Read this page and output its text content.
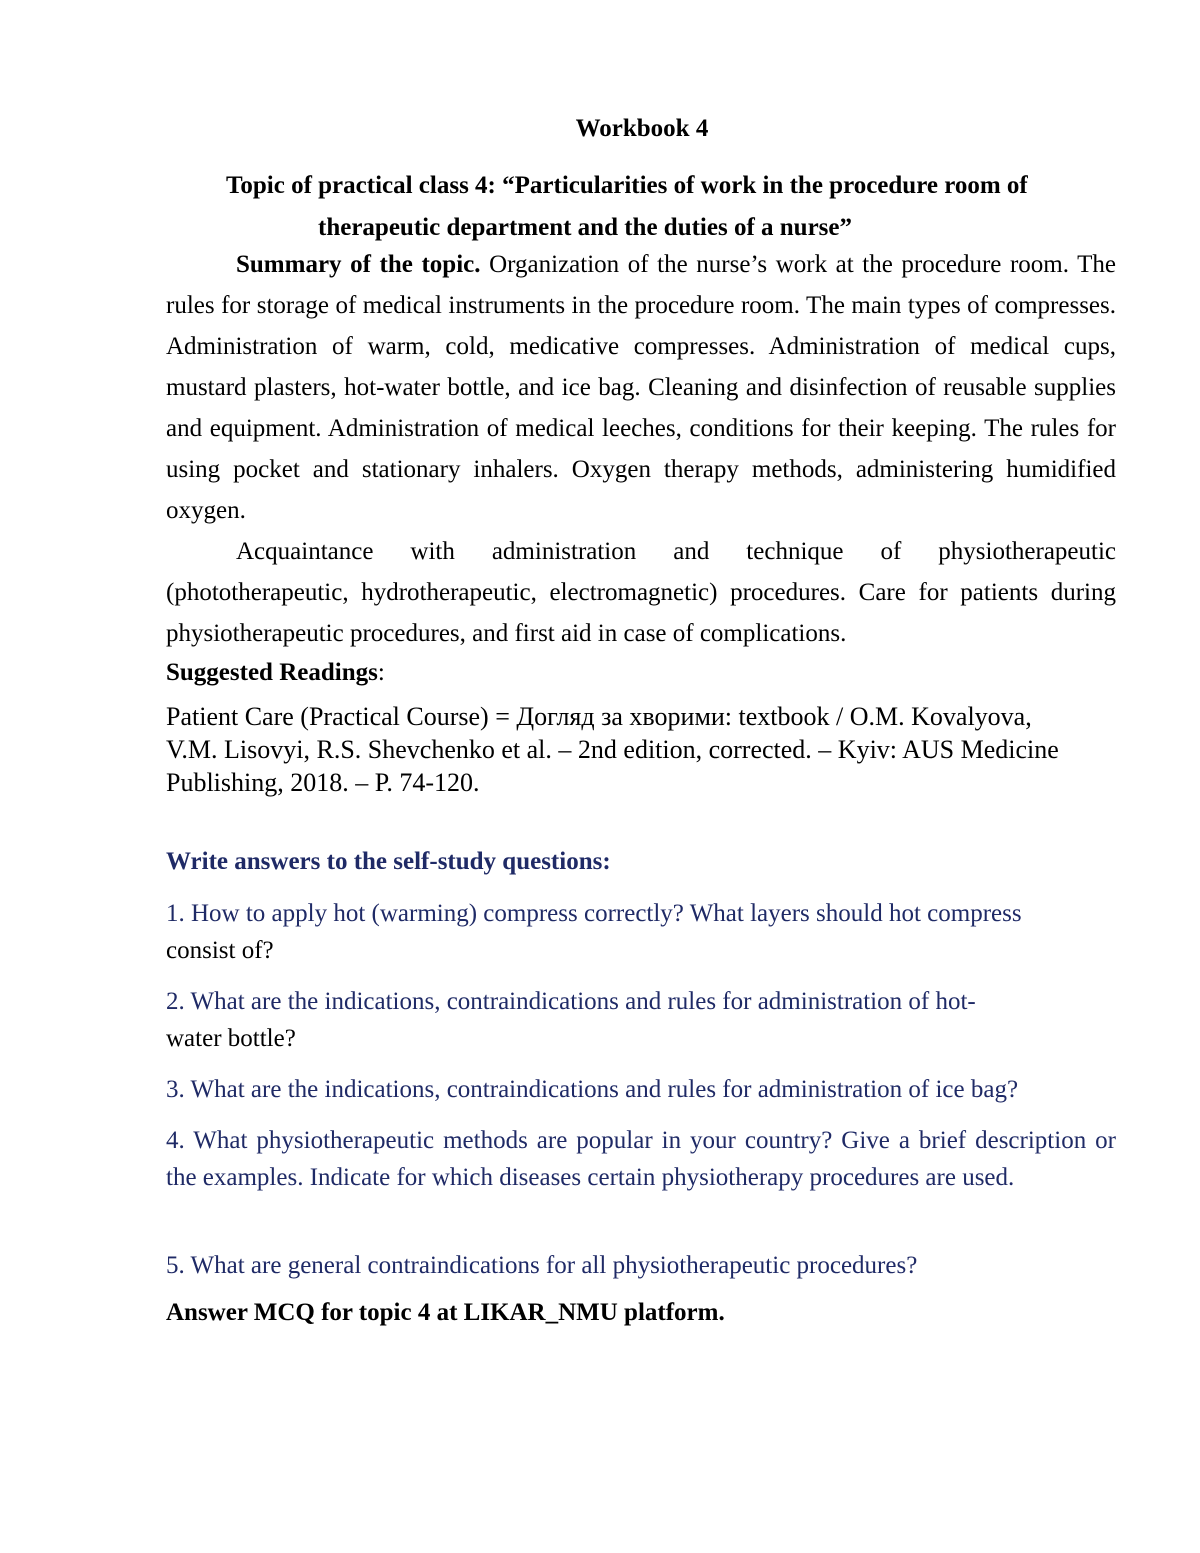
Workbook 4
Topic of practical class 4: “Particularities of work in the procedure room of
therapeutic department and the duties of a nurse”

Summary of the topic. Organization of the nurse’s work at the procedure room. The rules for storage of medical instruments in the procedure room. The main types of compresses. Administration of warm, cold, medicative compresses. Administration of medical cups, mustard plasters, hot-water bottle, and ice bag. Cleaning and disinfection of reusable supplies and equipment. Administration of medical leeches, conditions for their keeping. The rules for using pocket and stationary inhalers. Oxygen therapy methods, administering humidified oxygen.

Acquaintance with administration and technique of physiotherapeutic (phototherapeutic, hydrotherapeutic, electromagnetic) procedures. Care for patients during physiotherapeutic procedures, and first aid in case of complications.

Suggested Readings:

Patient Care (Practical Course) = Догляд за хворими: textbook / O.M. Kovalyova,
V.M. Lisovyi, R.S. Shevchenko et al. – 2nd edition, corrected. – Kyiv: AUS Medicine
Publishing, 2018. – P. 74-120.

Write answers to the self-study questions:

1. How to apply hot (warming) compress correctly? What layers should hot compress
consist of?

2. What are the indications, contraindications and rules for administration of hot-
water bottle?

3. What are the indications, contraindications and rules for administration of ice bag?

4. What physiotherapeutic methods are popular in your country? Give a brief description or the examples. Indicate for which diseases certain physiotherapy procedures are used.

5. What are general contraindications for all physiotherapeutic procedures?

Answer MCQ for topic 4 at LIKAR_NMU platform.
